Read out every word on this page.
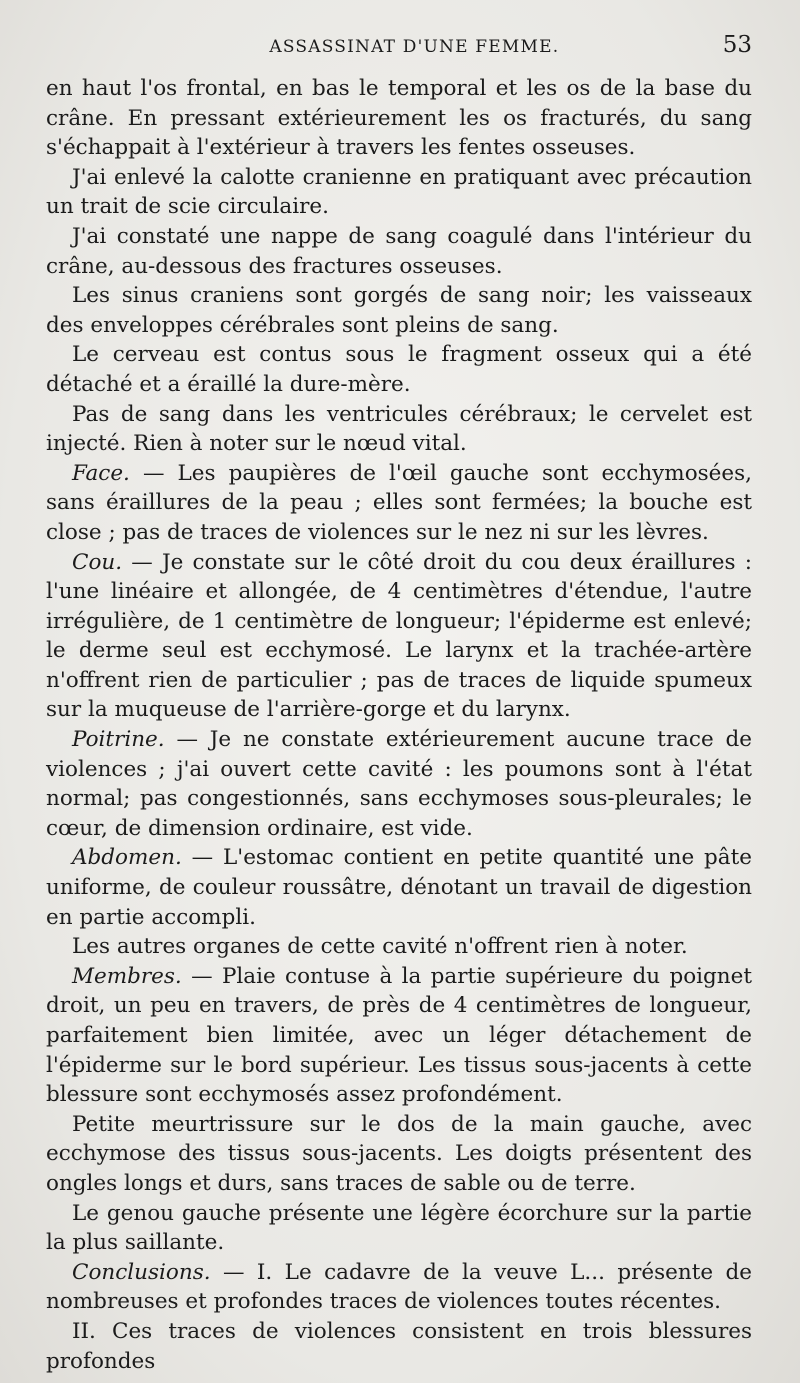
ASSASSINAT D'UNE FEMME.	53

en haut l'os frontal, en bas le temporal et les os de la base du crâne. En pressant extérieurement les os fracturés, du sang s'échappait à l'extérieur à travers les fentes osseuses.

J'ai enlevé la calotte cranienne en pratiquant avec précaution un trait de scie circulaire.

J'ai constaté une nappe de sang coagulé dans l'intérieur du crâne, au-dessous des fractures osseuses.

Les sinus craniens sont gorgés de sang noir; les vaisseaux des enveloppes cérébrales sont pleins de sang.

Le cerveau est contus sous le fragment osseux qui a été détaché et a éraillé la dure-mère.

Pas de sang dans les ventricules cérébraux; le cervelet est injecté. Rien à noter sur le nœud vital.

Face. — Les paupières de l'œil gauche sont ecchymosées, sans éraillures de la peau ; elles sont fermées; la bouche est close ; pas de traces de violences sur le nez ni sur les lèvres.

Cou. — Je constate sur le côté droit du cou deux éraillures : l'une linéaire et allongée, de 4 centimètres d'étendue, l'autre irrégulière, de 1 centimètre de longueur; l'épiderme est enlevé; le derme seul est ecchymosé. Le larynx et la trachée-artère n'offrent rien de particulier ; pas de traces de liquide spumeux sur la muqueuse de l'arrière-gorge et du larynx.

Poitrine. — Je ne constate extérieurement aucune trace de violences ; j'ai ouvert cette cavité : les poumons sont à l'état normal; pas congestionnés, sans ecchymoses sous-pleurales; le cœur, de dimension ordinaire, est vide.

Abdomen. — L'estomac contient en petite quantité une pâte uniforme, de couleur roussâtre, dénotant un travail de digestion en partie accompli.

Les autres organes de cette cavité n'offrent rien à noter.

Membres. — Plaie contuse à la partie supérieure du poignet droit, un peu en travers, de près de 4 centimètres de longueur, parfaitement bien limitée, avec un léger détachement de l'épiderme sur le bord supérieur. Les tissus sous-jacents à cette blessure sont ecchymosés assez profondément.

Petite meurtrissure sur le dos de la main gauche, avec ecchymose des tissus sous-jacents. Les doigts présentent des ongles longs et durs, sans traces de sable ou de terre.

Le genou gauche présente une légère écorchure sur la partie la plus saillante.

Conclusions. — I. Le cadavre de la veuve L... présente de nombreuses et profondes traces de violences toutes récentes.

II. Ces traces de violences consistent en trois blessures profondes
